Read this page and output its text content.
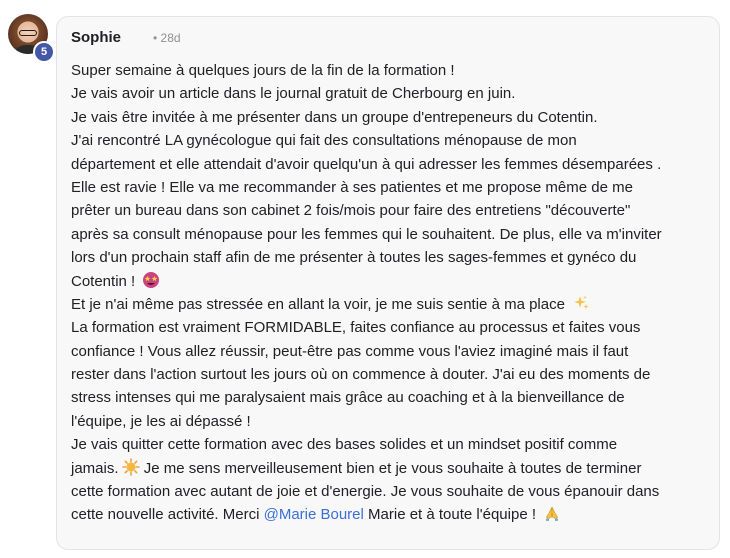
5
Sophie	• 28d
Super semaine à quelques jours de la fin de la formation !
Je vais avoir un article dans le journal gratuit de Cherbourg en juin.
Je vais être invitée à me présenter dans un groupe d'entrepeneurs du Cotentin.
J'ai rencontré LA gynécologue qui fait des consultations ménopause de mon
département et elle attendait d'avoir quelqu'un à qui adresser les femmes désemparées .
Elle est ravie ! Elle va me recommander à ses patientes et me propose même de me
prêter un bureau dans son cabinet 2 fois/mois pour faire des entretiens "découverte"
après sa consult ménopause pour les femmes qui le souhaitent. De plus, elle va m'inviter
lors d'un prochain staff afin de me présenter à toutes les sages-femmes et gynéco du
Cotentin !
Et je n'ai même pas stressée en allant la voir, je me suis sentie à ma place
La formation est vraiment FORMIDABLE, faites confiance au processus et faites vous
confiance ! Vous allez réussir, peut-être pas comme vous l'aviez imaginé mais il faut
rester dans l'action surtout les jours où on commence à douter. J'ai eu des moments de
stress intenses qui me paralysaient mais grâce au coaching et à la bienveillance de
l'équipe, je les ai dépassé !
Je vais quitter cette formation avec des bases solides et un mindset positif comme
jamais. Je me sens merveilleusement bien et je vous souhaite à toutes de terminer
cette formation avec autant de joie et d'energie. Je vous souhaite de vous épanouir dans
cette nouvelle activité. Merci @Marie Bourel Marie et à toute l'équipe !
